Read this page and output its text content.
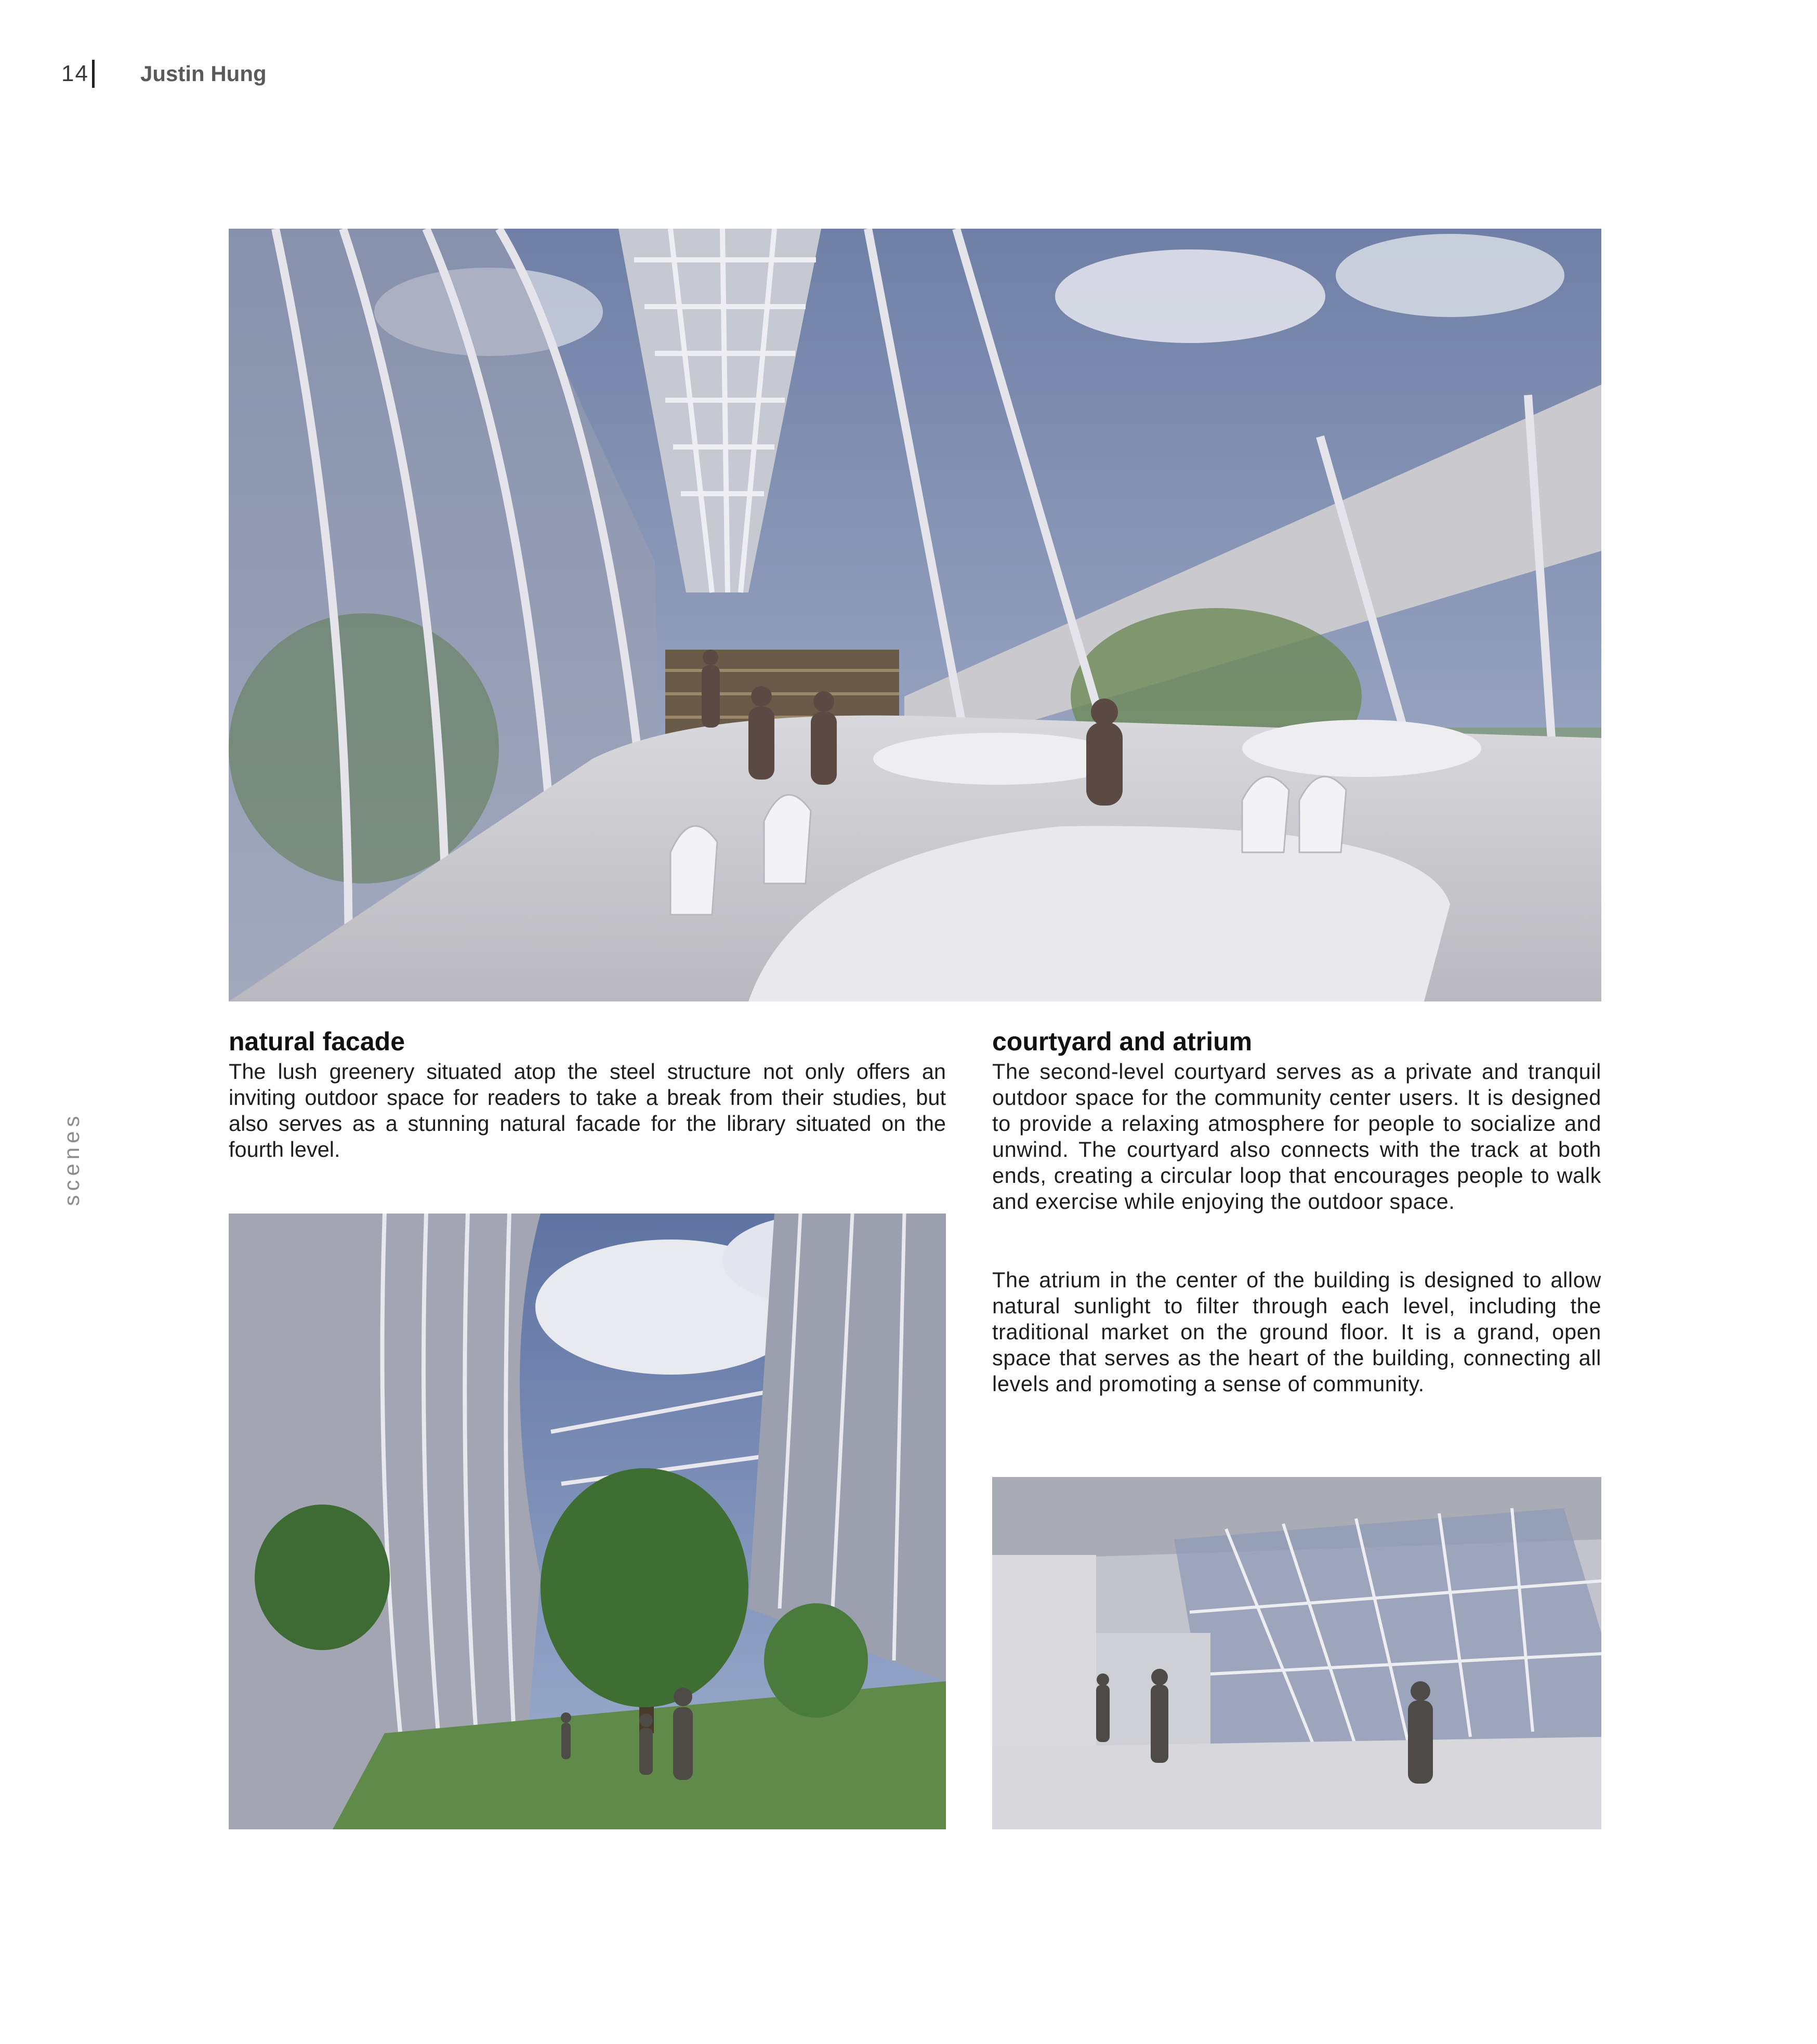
14 Justin Hung
scenes
natural facade

The lush greenery situated atop the steel structure not only offers an inviting outdoor space for readers to take a break from their studies, but also serves as a stunning natural facade for the library situated on the fourth level.

courtyard and atrium

The second-level courtyard serves as a private and tranquil outdoor space for the community center users. It is designed to provide a relaxing atmosphere for people to socialize and unwind. The courtyard also connects with the track at both ends, creating a circular loop that encourages people to walk and exercise while enjoying the outdoor space.

The atrium in the center of the building is designed to allow natural sunlight to filter through each level, including the traditional market on the ground floor. It is a grand, open space that serves as the heart of the building, connecting all levels and promoting a sense of community.
